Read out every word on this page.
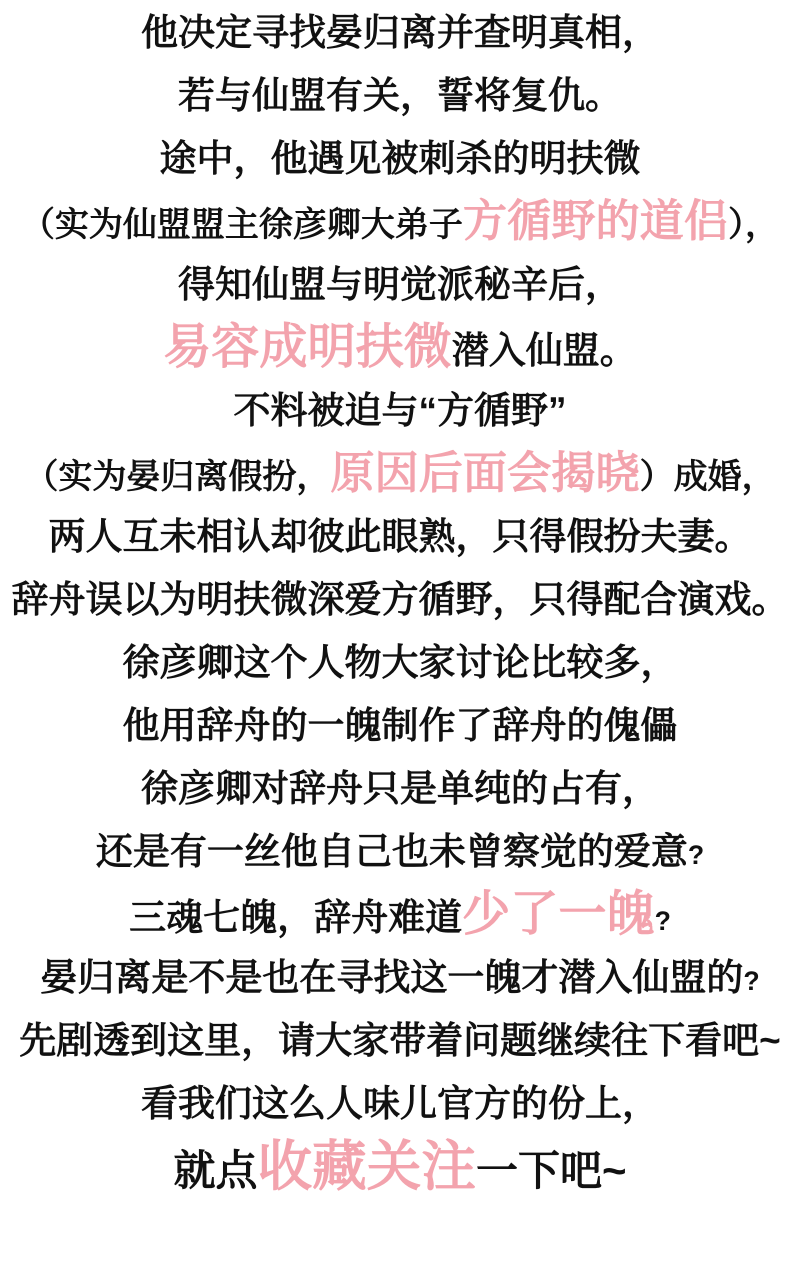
他决定寻找晏归离并查明真相，
若与仙盟有关，誓将复仇。
途中，他遇见被刺杀的明扶微
（实为仙盟盟主徐彦卿大弟子方循野的道侣），
得知仙盟与明觉派秘辛后，
易容成明扶微潜入仙盟。
不料被迫与“方循野”
（实为晏归离假扮，原因后面会揭晓）成婚，
两人互未相认却彼此眼熟，只得假扮夫妻。
辞舟误以为明扶微深爱方循野，只得配合演戏。
徐彦卿这个人物大家讨论比较多，
他用辞舟的一魄制作了辞舟的傀儡
徐彦卿对辞舟只是单纯的占有，
还是有一丝他自己也未曾察觉的爱意?
三魂七魄，辞舟难道少了一魄?
晏归离是不是也在寻找这一魄才潜入仙盟的?
先剧透到这里，请大家带着问题继续往下看吧~
看我们这么人味儿官方的份上，
就点收藏关注一下吧~
